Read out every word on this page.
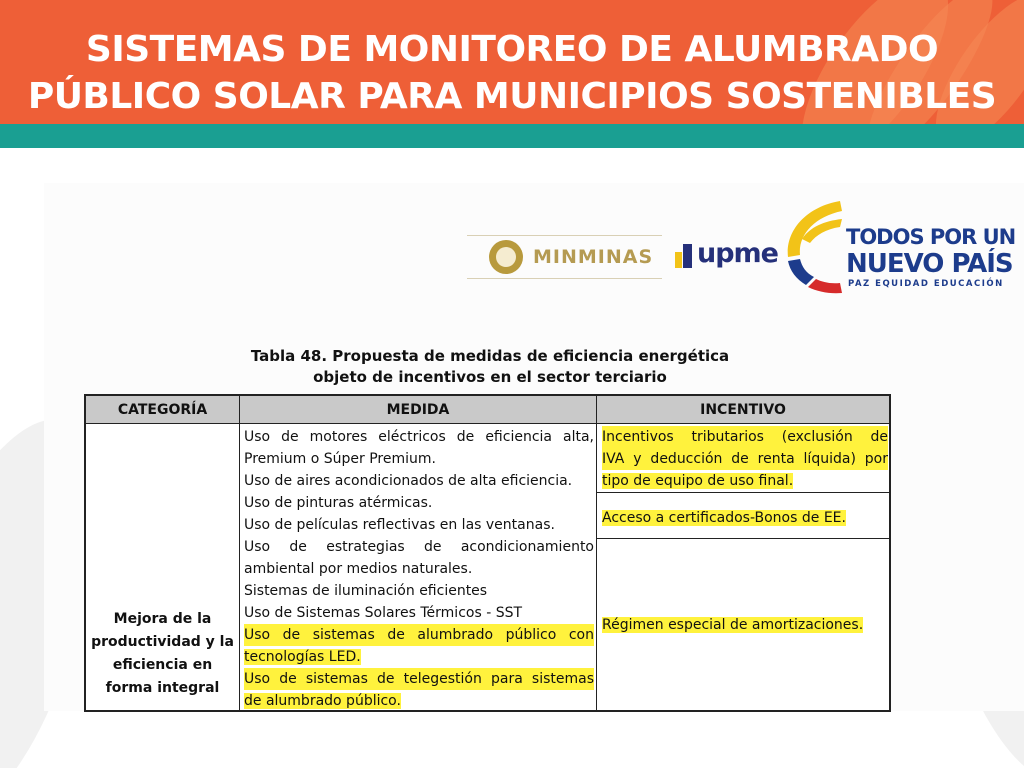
SISTEMAS DE MONITOREO DE ALUMBRADO
PÚBLICO SOLAR PARA MUNICIPIOS SOSTENIBLES
MINMINAS upme
TODOS POR UN
NUEVO PAÍS
PAZ EQUIDAD EDUCACIÓN
Tabla 48. Propuesta de medidas de eficiencia energética
objeto de incentivos en el sector terciario
CATEGORÍA	MEDIDA	INCENTIVO
Mejora de la
productividad y la
eficiencia en
forma integral
Uso de motores eléctricos de eficiencia alta,
Premium o Súper Premium.
Uso de aires acondicionados de alta eficiencia.
Uso de pinturas atérmicas.
Uso de películas reflectivas en las ventanas.
Uso de estrategias de acondicionamiento
ambiental por medios naturales.
Sistemas de iluminación eficientes
Uso de Sistemas Solares Térmicos - SST
Uso de sistemas de alumbrado público con
tecnologías LED.
Uso de sistemas de telegestión para sistemas
de alumbrado público.
Incentivos tributarios (exclusión de
IVA y deducción de renta líquida) por
tipo de equipo de uso final.
Acceso a certificados-Bonos de EE.
Régimen especial de amortizaciones.
